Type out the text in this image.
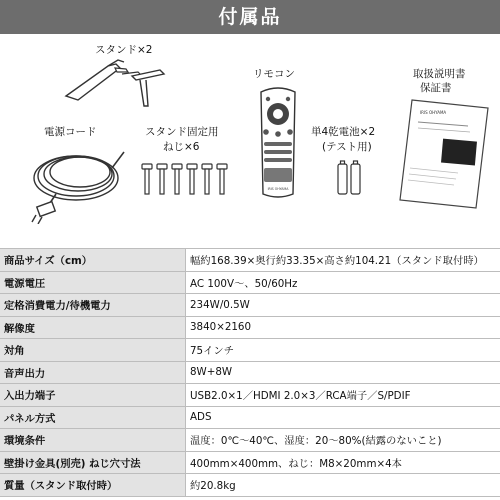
付属品
スタンド×2
リモコン
IRIS OHYAMA
取扱説明書
保証書
IRIS OHYAMA
電源コード	スタンド固定用
ねじ×6
単4乾電池×2
(テスト用)
商品サイズ（cm）	幅約168.39×奥行約33.35×高さ約104.21（スタンド取付時）
電源電圧	AC 100V〜、50/60Hz
定格消費電力/待機電力	234W/0.5W
解像度	3840×2160
対角	75インチ
音声出力	8W+8W
入出力端子	USB2.0×1／HDMI 2.0×3／RCA端子／S/PDIF
パネル方式	ADS
環境条件	温度：0℃〜40℃、湿度：20〜80%(結露のないこと)
壁掛け金具(別売) ねじ穴寸法	400mm×400mm、ねじ：M8×20mm×4本
質量（スタンド取付時）	約20.8kg
